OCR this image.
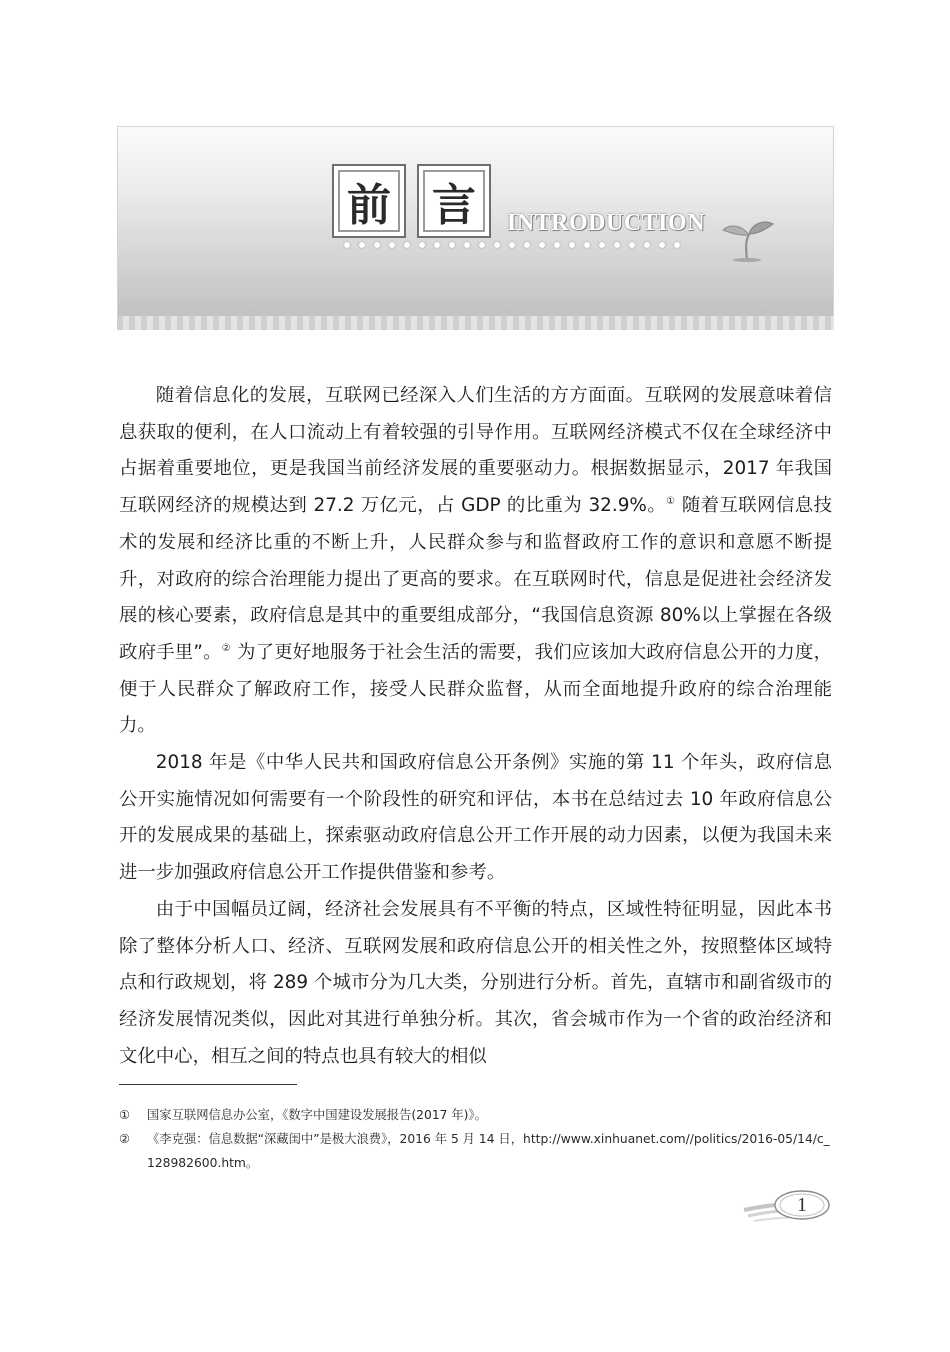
前 言	INTRODUCTION

随着信息化的发展，互联网已经深入人们生活的方方面面。互联网的发展意味着信息获取的便利，在人口流动上有着较强的引导作用。互联网经济模式不仅在全球经济中占据着重要地位，更是我国当前经济发展的重要驱动力。根据数据显示，2017 年我国互联网经济的规模达到 27.2 万亿元，占 GDP 的比重为 32.9%。① 随着互联网信息技术的发展和经济比重的不断上升，人民群众参与和监督政府工作的意识和意愿不断提升，对政府的综合治理能力提出了更高的要求。在互联网时代，信息是促进社会经济发展的核心要素，政府信息是其中的重要组成部分，“我国信息资源 80%以上掌握在各级政府手里”。② 为了更好地服务于社会生活的需要，我们应该加大政府信息公开的力度，便于人民群众了解政府工作，接受人民群众监督，从而全面地提升政府的综合治理能力。

2018 年是《中华人民共和国政府信息公开条例》实施的第 11 个年头，政府信息公开实施情况如何需要有一个阶段性的研究和评估，本书在总结过去 10 年政府信息公开的发展成果的基础上，探索驱动政府信息公开工作开展的动力因素，以便为我国未来进一步加强政府信息公开工作提供借鉴和参考。

由于中国幅员辽阔，经济社会发展具有不平衡的特点，区域性特征明显，因此本书除了整体分析人口、经济、互联网发展和政府信息公开的相关性之外，按照整体区域特点和行政规划，将 289 个城市分为几大类，分别进行分析。首先，直辖市和副省级市的经济发展情况类似，因此对其进行单独分析。其次，省会城市作为一个省的政治经济和文化中心，相互之间的特点也具有较大的相似

①	国家互联网信息办公室，《数字中国建设发展报告(2017 年)》。
②	《李克强：信息数据“深藏闺中”是极大浪费》，2016 年 5 月 14 日，http://www.xinhuanet.com//politics/2016-05/14/c_128982600.htm。
1
